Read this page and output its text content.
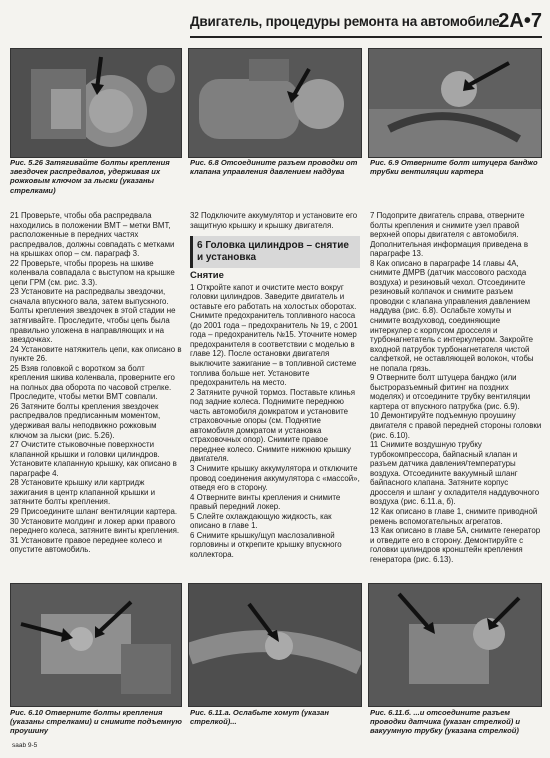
Двигатель, процедуры ремонта на автомобиле 2А•7
Рис. 5.26 Затягивайте болты крепления звездочек распредвалов, удерживая их рожковым ключом за лыски (указаны стрелками)
Рис. 6.8 Отсоедините разъем проводки от клапана управления давлением наддува
Рис. 6.9 Отверните болт штуцера банджо трубки вентиляции картера

21 Проверьте, чтобы оба распредвала находились в положении ВМТ – метки ВМТ, расположенные в передних частях распредвалов, должны совпадать с метками на крышках опор – см. параграф 3.

22 Проверьте, чтобы прорезь на шкиве коленвала совпадала с выступом на крышке цепи ГРМ (см. рис. 3.3).

23 Установите на распредвалы звездочки, сначала впускного вала, затем выпускного. Болты крепления звездочек в этой стадии не затягивайте. Проследите, чтобы цепь была правильно уложена в направляющих и на звездочках.

24 Установите натяжитель цепи, как описано в пункте 26.

25 Взяв головкой с воротком за болт крепления шкива коленвала, проверните его на полных два оборота по часовой стрелке. Проследите, чтобы метки ВМТ совпали.

26 Затяните болты крепления звездочек распредвалов предписанным моментом, удерживая валы неподвижно рожковым ключом за лыски (рис. 5.26).

27 Очистите стыковочные поверхности клапанной крышки и головки цилиндров. Установите клапанную крышку, как описано в параграфе 4.

28 Установите крышку или картридж зажигания в центр клапанной крышки и затяните болты крепления.

29 Присоедините шланг вентиляции картера.

30 Установите молдинг и локер арки правого переднего колеса, затяните винты крепления.

31 Установите правое переднее колесо и опустите автомобиль.

32 Подключите аккумулятор и установите его защитную крышку и крышку двигателя.

6 Головка цилиндров – снятие и установка
Снятие

1 Откройте капот и очистите место вокруг головки цилиндров. Заведите двигатель и оставьте его работать на холостых оборотах. Снимите предохранитель топливного насоса (до 2001 года – предохранитель № 19, с 2001 года – предохранитель №15. Уточните номер предохранителя в соответствии с моделью в главе 12). После остановки двигателя выключите зажигание – в топливной системе топлива больше нет. Установите предохранитель на место.

2 Затяните ручной тормоз. Поставьте клинья под задние колеса. Поднимите переднюю часть автомобиля домкратом и установите страховочные опоры (см. Поднятие автомобиля домкратом и установка страховочных опор). Снимите правое переднее колесо. Снимите нижнюю крышку двигателя.

3 Снимите крышку аккумулятора и отключите провод соединения аккумулятора с «массой», отведя его в сторону.

4 Отверните винты крепления и снимите правый передний локер.

5 Слейте охлаждающую жидкость, как описано в главе 1.

6 Снимите крышку/щуп маслозаливной горловины и открепите крышку впускного коллектора.

7 Подоприте двигатель справа, отверните болты крепления и снимите узел правой верхней опоры двигателя с автомобиля. Дополнительная информация приведена в параграфе 13.

8 Как описано в параграфе 14 главы 4А, снимите ДМРВ (датчик массового расхода воздуха) и резиновый чехол. Отсоедините резиновый колпачок и снимите разъем проводки с клапана управления давлением наддува (рис. 6.8). Ослабьте хомуты и снимите воздуховод, соединяющие интеркулер с корпусом дросселя и турбонагнетатель с интеркулером. Закройте входной патрубок турбонагнетателя чистой салфеткой, не оставляющей волокон, чтобы не попала грязь.

9 Отверните болт штуцера банджо (или быстроразъемный фитинг на поздних моделях) и отсоедините трубку вентиляции картера от впускного патрубка (рис. 6.9).

10 Демонтируйте подъемную проушину двигателя с правой передней стороны головки (рис. 6.10).

11 Снимите воздушную трубку турбокомпрессора, байпасный клапан и разъем датчика давления/температуры воздуха. Отсоедините вакуумный шланг байпасного клапана. Затяните корпус дросселя и шланг у охладителя наддувочного воздуха (рис. 6.11.а, б).

12 Как описано в главе 1, снимите приводной ремень вспомогательных агрегатов.

13 Как описано в главе 5А, снимите генератор и отведите его в сторону. Демонтируйте с головки цилиндров кронштейн крепления генератора (рис. 6.13).

Рис. 6.10 Отверните болты крепления (указаны стрелками) и снимите подъемную проушину
Рис. 6.11.а. Ослабьте хомут (указан стрелкой)...
Рис. 6.11.б. ...и отсоедините разъем проводки датчика (указан стрелкой) и вакуумную трубку (указана стрелкой)
saab 9-5
